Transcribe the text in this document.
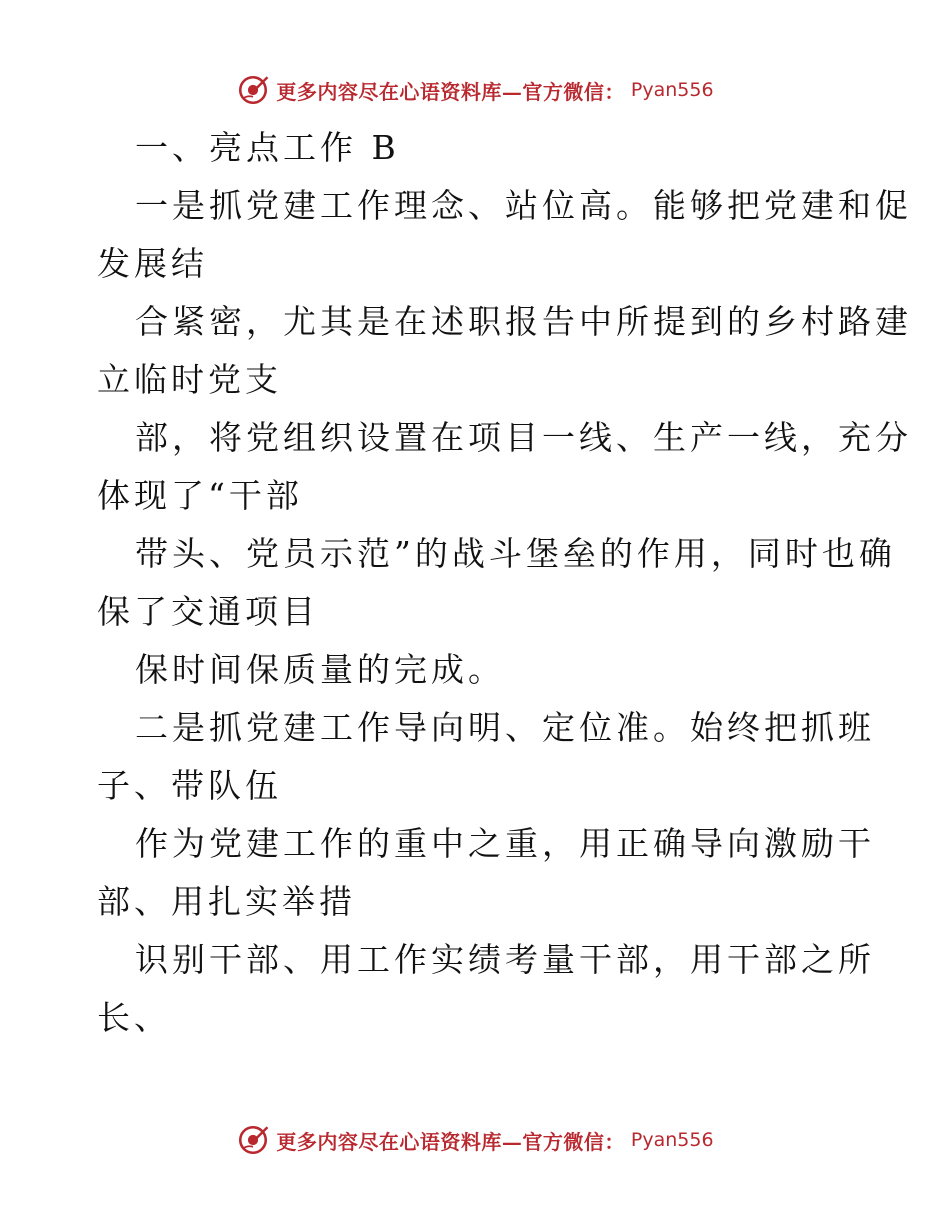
更多内容尽在心语资料库—官方微信： Pyan556
一、亮点工作 B
一是抓党建工作理念、站位高。能够把党建和促
发展结
合紧密，尤其是在述职报告中所提到的乡村路建
立临时党支
部，将党组织设置在项目一线、生产一线，充分
体现了“干部
带头、党员示范”的战斗堡垒的作用，同时也确
保了交通项目
保时间保质量的完成。
二是抓党建工作导向明、定位准。始终把抓班
子、带队伍
作为党建工作的重中之重，用正确导向激励干
部、用扎实举措
识别干部、用工作实绩考量干部，用干部之所
长、
更多内容尽在心语资料库—官方微信： Pyan556
